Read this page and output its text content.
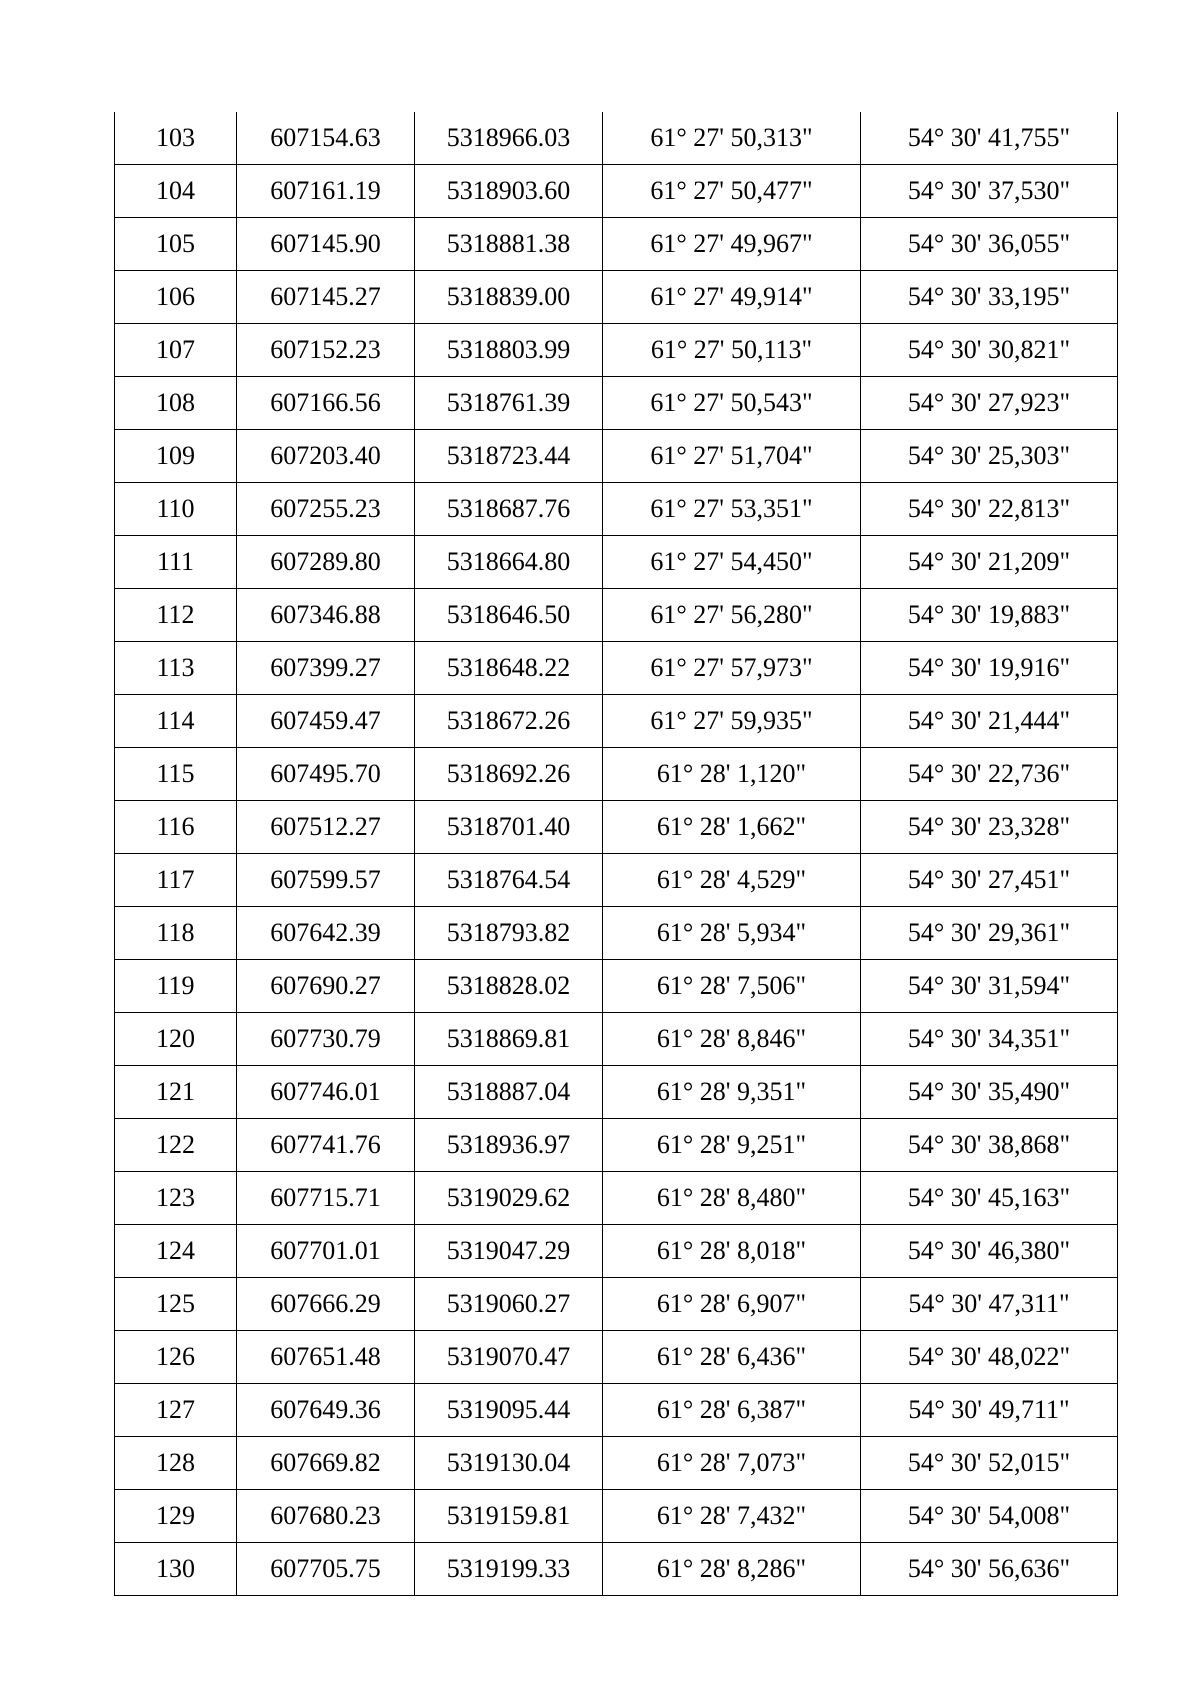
103	607154.63	5318966.03	61° 27' 50,313"	54° 30' 41,755"
104	607161.19	5318903.60	61° 27' 50,477"	54° 30' 37,530"
105	607145.90	5318881.38	61° 27' 49,967"	54° 30' 36,055"
106	607145.27	5318839.00	61° 27' 49,914"	54° 30' 33,195"
107	607152.23	5318803.99	61° 27' 50,113"	54° 30' 30,821"
108	607166.56	5318761.39	61° 27' 50,543"	54° 30' 27,923"
109	607203.40	5318723.44	61° 27' 51,704"	54° 30' 25,303"
110	607255.23	5318687.76	61° 27' 53,351"	54° 30' 22,813"
111	607289.80	5318664.80	61° 27' 54,450"	54° 30' 21,209"
112	607346.88	5318646.50	61° 27' 56,280"	54° 30' 19,883"
113	607399.27	5318648.22	61° 27' 57,973"	54° 30' 19,916"
114	607459.47	5318672.26	61° 27' 59,935"	54° 30' 21,444"
115	607495.70	5318692.26	61° 28' 1,120"	54° 30' 22,736"
116	607512.27	5318701.40	61° 28' 1,662"	54° 30' 23,328"
117	607599.57	5318764.54	61° 28' 4,529"	54° 30' 27,451"
118	607642.39	5318793.82	61° 28' 5,934"	54° 30' 29,361"
119	607690.27	5318828.02	61° 28' 7,506"	54° 30' 31,594"
120	607730.79	5318869.81	61° 28' 8,846"	54° 30' 34,351"
121	607746.01	5318887.04	61° 28' 9,351"	54° 30' 35,490"
122	607741.76	5318936.97	61° 28' 9,251"	54° 30' 38,868"
123	607715.71	5319029.62	61° 28' 8,480"	54° 30' 45,163"
124	607701.01	5319047.29	61° 28' 8,018"	54° 30' 46,380"
125	607666.29	5319060.27	61° 28' 6,907"	54° 30' 47,311"
126	607651.48	5319070.47	61° 28' 6,436"	54° 30' 48,022"
127	607649.36	5319095.44	61° 28' 6,387"	54° 30' 49,711"
128	607669.82	5319130.04	61° 28' 7,073"	54° 30' 52,015"
129	607680.23	5319159.81	61° 28' 7,432"	54° 30' 54,008"
130	607705.75	5319199.33	61° 28' 8,286"	54° 30' 56,636"
